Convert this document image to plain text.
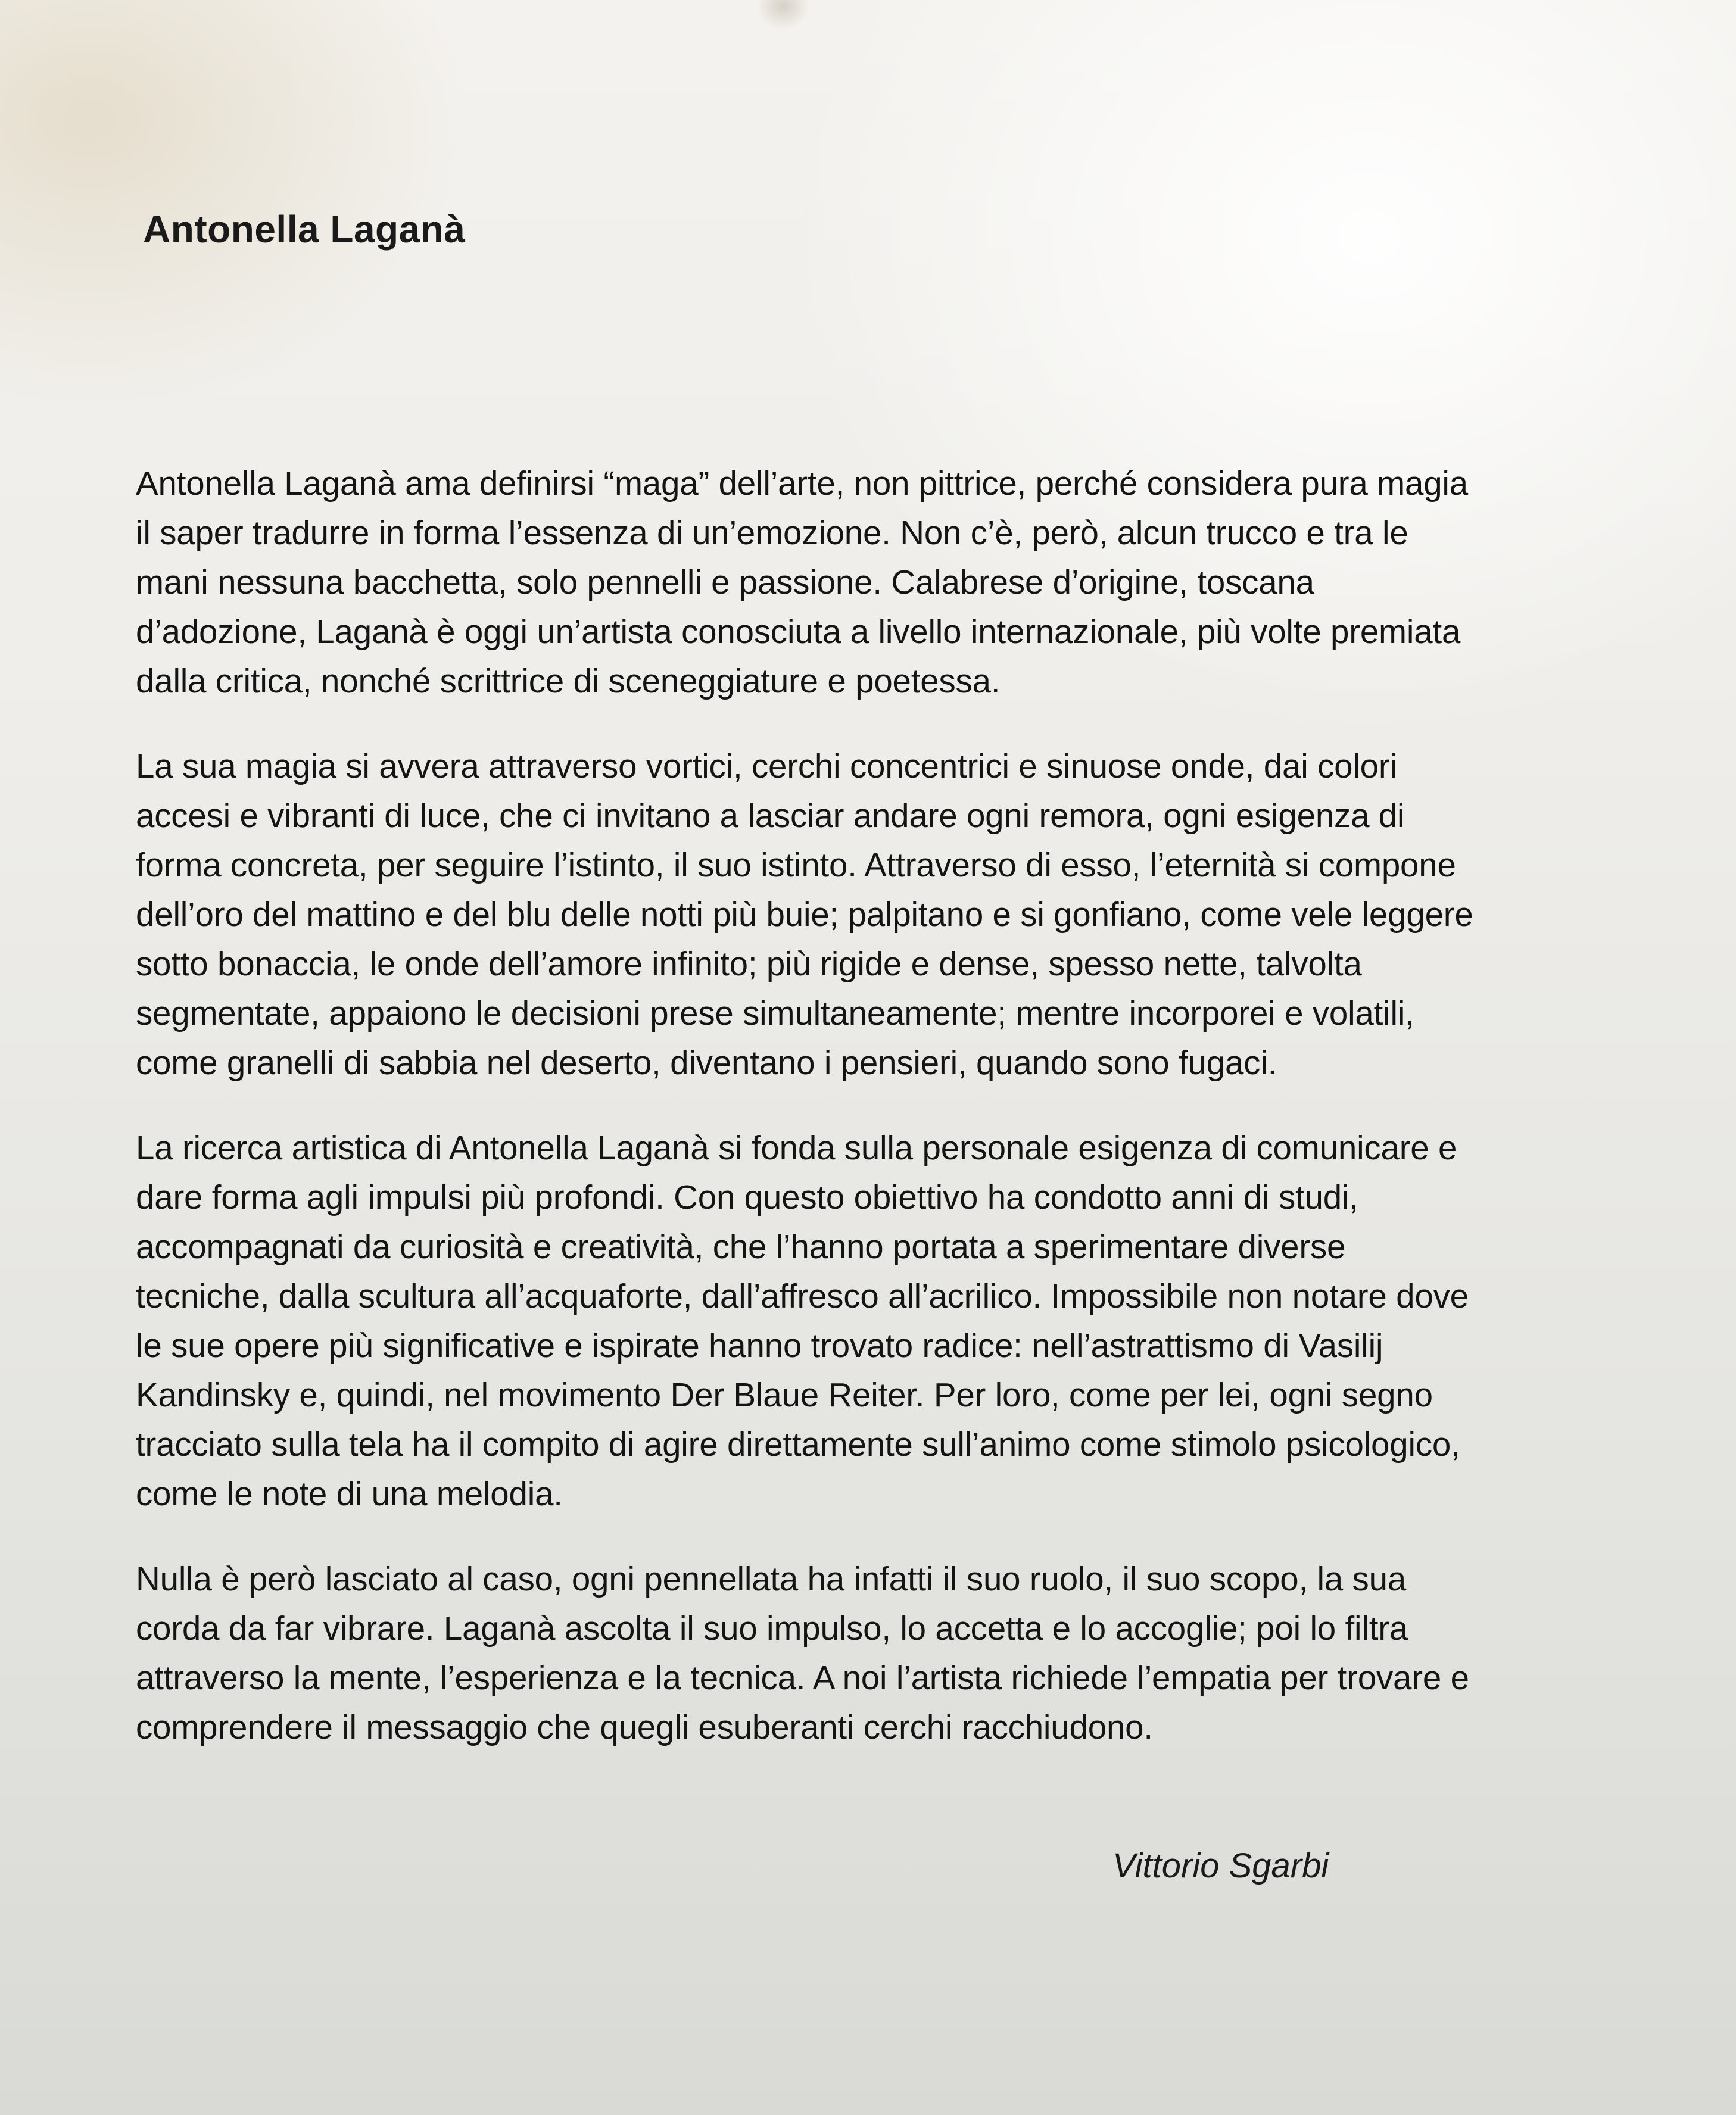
Antonella Laganà

Antonella Laganà ama definirsi “maga” dell’arte, non pittrice, perché considera pura magia
il saper tradurre in forma l’essenza di un’emozione. Non c’è, però, alcun trucco e tra le
mani nessuna bacchetta, solo pennelli e passione. Calabrese d’origine, toscana
d’adozione, Laganà è oggi un’artista conosciuta a livello internazionale, più volte premiata
dalla critica, nonché scrittrice di sceneggiature e poetessa.

La sua magia si avvera attraverso vortici, cerchi concentrici e sinuose onde, dai colori
accesi e vibranti di luce, che ci invitano a lasciar andare ogni remora, ogni esigenza di
forma concreta, per seguire l’istinto, il suo istinto. Attraverso di esso, l’eternità si compone
dell’oro del mattino e del blu delle notti più buie; palpitano e si gonfiano, come vele leggere
sotto bonaccia, le onde dell’amore infinito; più rigide e dense, spesso nette, talvolta
segmentate, appaiono le decisioni prese simultaneamente; mentre incorporei e volatili,
come granelli di sabbia nel deserto, diventano i pensieri, quando sono fugaci.

La ricerca artistica di Antonella Laganà si fonda sulla personale esigenza di comunicare e
dare forma agli impulsi più profondi. Con questo obiettivo ha condotto anni di studi,
accompagnati da curiosità e creatività, che l’hanno portata a sperimentare diverse
tecniche, dalla scultura all’acquaforte, dall’affresco all’acrilico. Impossibile non notare dove
le sue opere più significative e ispirate hanno trovato radice: nell’astrattismo di Vasilij
Kandinsky e, quindi, nel movimento Der Blaue Reiter. Per loro, come per lei, ogni segno
tracciato sulla tela ha il compito di agire direttamente sull’animo come stimolo psicologico,
come le note di una melodia.

Nulla è però lasciato al caso, ogni pennellata ha infatti il suo ruolo, il suo scopo, la sua
corda da far vibrare. Laganà ascolta il suo impulso, lo accetta e lo accoglie; poi lo filtra
attraverso la mente, l’esperienza e la tecnica. A noi l’artista richiede l’empatia per trovare e
comprendere il messaggio che quegli esuberanti cerchi racchiudono.

Vittorio Sgarbi
